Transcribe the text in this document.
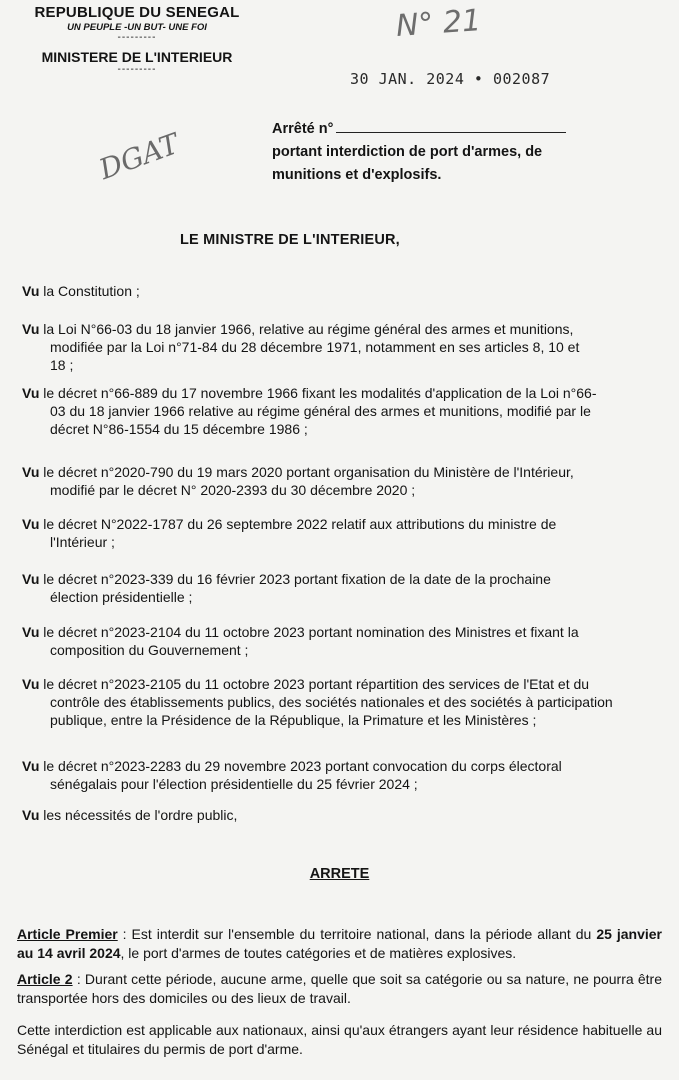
REPUBLIQUE DU SENEGAL
UN PEUPLE -UN BUT- UNE FOI
---------
MINISTERE DE L'INTERIEUR
---------
N° 21
30 JAN. 2024 • 002087
DGAT	Arrêté n°
portant interdiction de port d'armes, de
munitions et d'explosifs.
LE MINISTRE DE L'INTERIEUR,
Vu la Constitution ;
Vu la Loi N°66-03 du 18 janvier 1966, relative au régime général des armes et munitions,
modifiée par la Loi n°71-84 du 28 décembre 1971, notamment en ses articles 8, 10 et
18 ;
Vu le décret n°66-889 du 17 novembre 1966 fixant les modalités d'application de la Loi n°66-
03 du 18 janvier 1966 relative au régime général des armes et munitions, modifié par le
décret N°86-1554 du 15 décembre 1986 ;
Vu le décret n°2020-790 du 19 mars 2020 portant organisation du Ministère de l'Intérieur,
modifié par le décret N° 2020-2393 du 30 décembre 2020 ;
Vu le décret N°2022-1787 du 26 septembre 2022 relatif aux attributions du ministre de
l'Intérieur ;
Vu le décret n°2023-339 du 16 février 2023 portant fixation de la date de la prochaine
élection présidentielle ;
Vu le décret n°2023-2104 du 11 octobre 2023 portant nomination des Ministres et fixant la
composition du Gouvernement ;
Vu le décret n°2023-2105 du 11 octobre 2023 portant répartition des services de l'Etat et du
contrôle des établissements publics, des sociétés nationales et des sociétés à participation
publique, entre la Présidence de la République, la Primature et les Ministères ;
Vu le décret n°2023-2283 du 29 novembre 2023 portant convocation du corps électoral
sénégalais pour l'élection présidentielle du 25 février 2024 ;
Vu les nécessités de l'ordre public,
ARRETE
Article Premier : Est interdit sur l'ensemble du territoire national, dans la période allant du 25 janvier au 14 avril 2024, le port d'armes de toutes catégories et de matières explosives.
Article 2 : Durant cette période, aucune arme, quelle que soit sa catégorie ou sa nature, ne pourra être transportée hors des domiciles ou des lieux de travail.
Cette interdiction est applicable aux nationaux, ainsi qu'aux étrangers ayant leur résidence habituelle au Sénégal et titulaires du permis de port d'arme.
